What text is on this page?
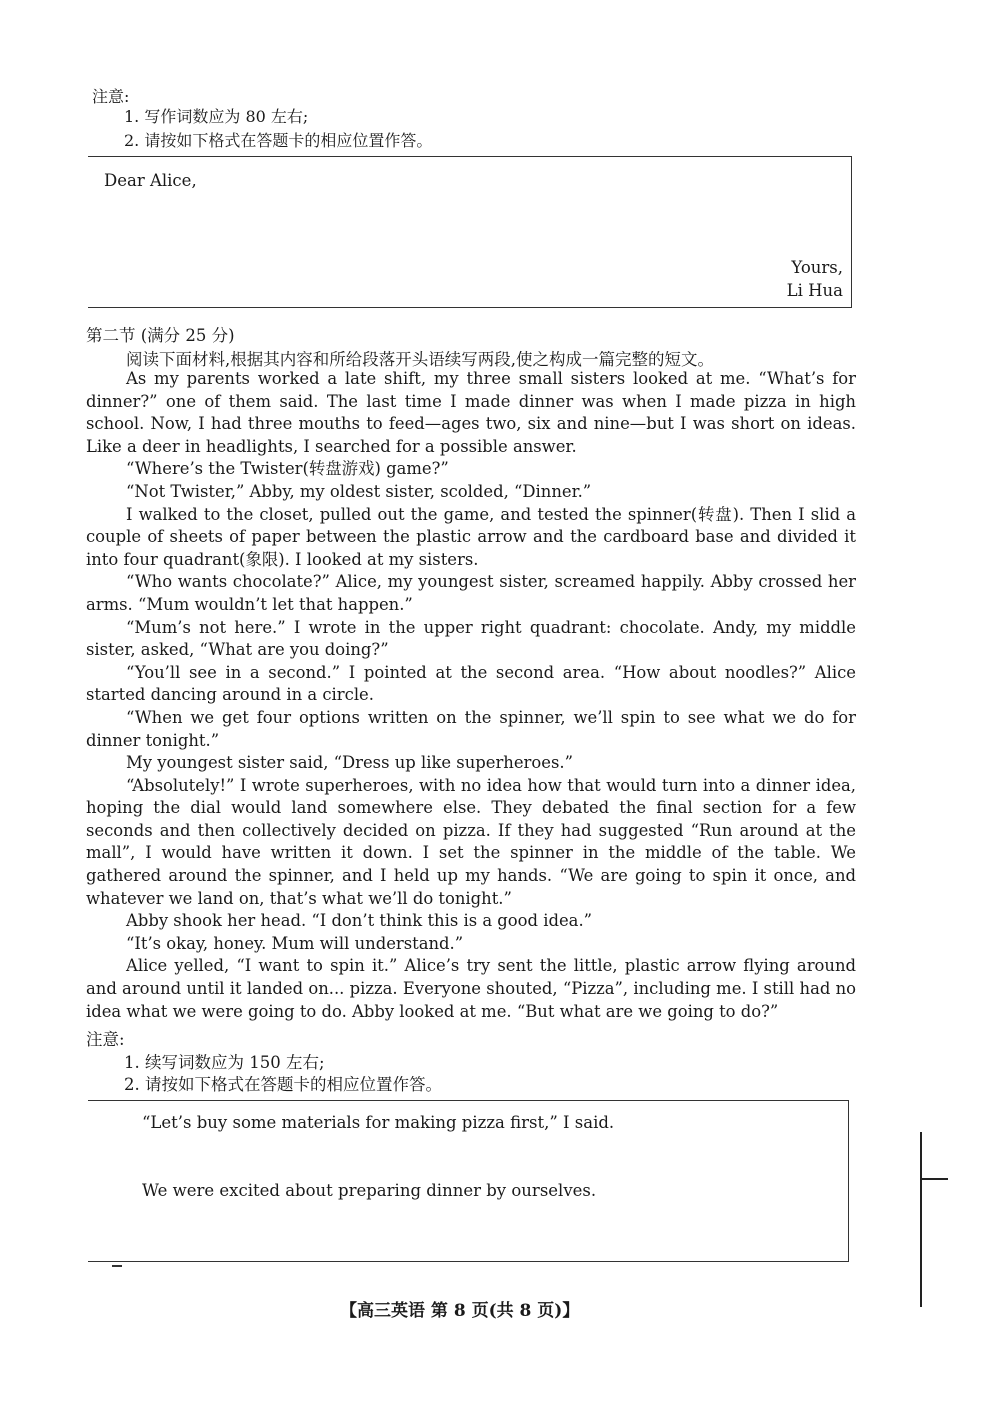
注意:
1. 写作词数应为 80 左右;
2. 请按如下格式在答题卡的相应位置作答。
Dear Alice,
Yours,
Li Hua
第二节 (满分 25 分)
阅读下面材料,根据其内容和所给段落开头语续写两段,使之构成一篇完整的短文。

As my parents worked a late shift, my three small sisters looked at me. “What’s for dinner?” one of them said. The last time I made dinner was when I made pizza in high school. Now, I had three mouths to feed—ages two, six and nine—but I was short on ideas. Like a deer in headlights, I searched for a possible answer.

“Where’s the Twister(转盘游戏) game?”

“Not Twister,” Abby, my oldest sister, scolded, “Dinner.”

I walked to the closet, pulled out the game, and tested the spinner(转盘). Then I slid a couple of sheets of paper between the plastic arrow and the cardboard base and divided it into four quadrant(象限). I looked at my sisters.

“Who wants chocolate?” Alice, my youngest sister, screamed happily. Abby crossed her arms. “Mum wouldn’t let that happen.”

“Mum’s not here.” I wrote in the upper right quadrant: chocolate. Andy, my middle sister, asked, “What are you doing?”

“You’ll see in a second.” I pointed at the second area. “How about noodles?” Alice started dancing around in a circle.

“When we get four options written on the spinner, we’ll spin to see what we do for dinner tonight.”

My youngest sister said, “Dress up like superheroes.”

“Absolutely!” I wrote superheroes, with no idea how that would turn into a dinner idea, hoping the dial would land somewhere else. They debated the final section for a few seconds and then collectively decided on pizza. If they had suggested “Run around at the mall”, I would have written it down. I set the spinner in the middle of the table. We gathered around the spinner, and I held up my hands. “We are going to spin it once, and whatever we land on, that’s what we’ll do tonight.”

Abby shook her head. “I don’t think this is a good idea.”

“It’s okay, honey. Mum will understand.”

Alice yelled, “I want to spin it.” Alice’s try sent the little, plastic arrow flying around and around until it landed on... pizza. Everyone shouted, “Pizza”, including me. I still had no idea what we were going to do. Abby looked at me. “But what are we going to do?”

注意:
1. 续写词数应为 150 左右;
2. 请按如下格式在答题卡的相应位置作答。
“Let’s buy some materials for making pizza first,” I said.
We were excited about preparing dinner by ourselves.
【高三英语 第 8 页(共 8 页)】
